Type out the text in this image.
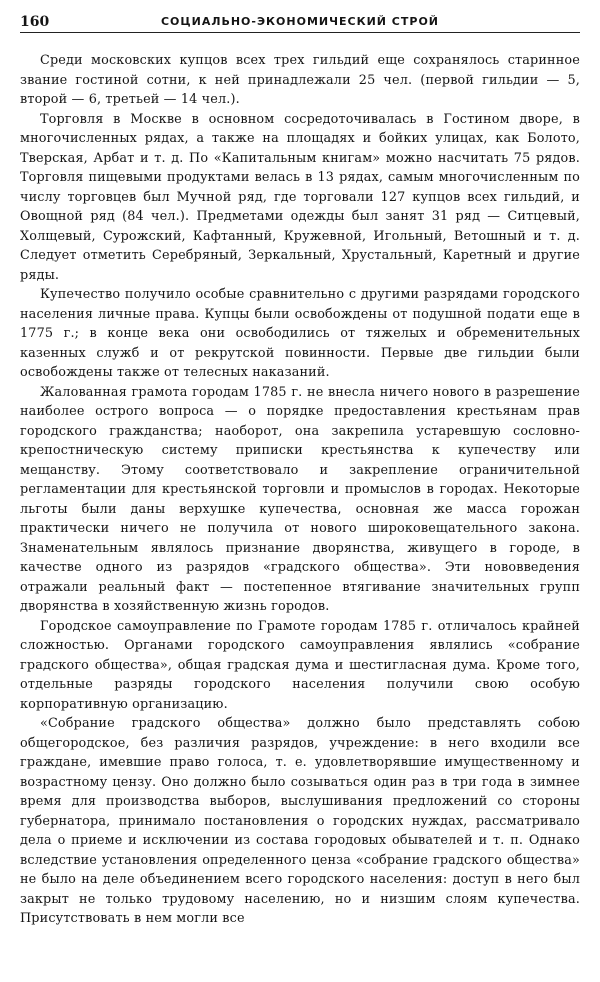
160	СОЦИАЛЬНО-ЭКОНОМИЧЕСКИЙ СТРОЙ

Среди московских купцов всех трех гильдий еще сохранялось старинное звание гостиной сотни, к ней принадлежали 25 чел. (первой гильдии — 5, второй — 6, третьей — 14 чел.).

Торговля в Москве в основном сосредоточивалась в Гостином дворе, в многочисленных рядах, а также на площадях и бойких улицах, как Болото, Тверская, Арбат и т. д. По «Капитальным книгам» можно насчитать 75 рядов. Торговля пищевыми продуктами велась в 13 рядах, самым многочисленным по числу торговцев был Мучной ряд, где торговали 127 купцов всех гильдий, и Овощной ряд (84 чел.). Предметами одежды был занят 31 ряд — Ситцевый, Холщевый, Сурожский, Кафтанный, Кружевной, Игольный, Ветошный и т. д. Следует отметить Серебряный, Зеркальный, Хрустальный, Каретный и другие ряды.

Купечество получило особые сравнительно с другими разрядами городского населения личные права. Купцы были освобождены от подушной подати еще в 1775 г.; в конце века они освободились от тяжелых и обременительных казенных служб и от рекрутской повинности. Первые две гильдии были освобождены также от телесных наказаний.

Жалованная грамота городам 1785 г. не внесла ничего нового в разрешение наиболее острого вопроса — о порядке предоставления крестьянам прав городского гражданства; наоборот, она закрепила устаревшую сословно-крепостническую систему приписки крестьянства к купечеству или мещанству. Этому соответствовало и закрепление ограничительной регламентации для крестьянской торговли и промыслов в городах. Некоторые льготы были даны верхушке купечества, основная же масса горожан практически ничего не получила от нового широковещательного закона. Знаменательным являлось признание дворянства, живущего в городе, в качестве одного из разрядов «градского общества». Эти нововведения отражали реальный факт — постепенное втягивание значительных групп дворянства в хозяйственную жизнь городов.

Городское самоуправление по Грамоте городам 1785 г. отличалось крайней сложностью. Органами городского самоуправления являлись «собрание градского общества», общая градская дума и шестигласная дума. Кроме того, отдельные разряды городского населения получили свою особую корпоративную организацию.

«Собрание градского общества» должно было представлять собою общегородское, без различия разрядов, учреждение: в него входили все граждане, имевшие право голоса, т. е. удовлетворявшие имущественному и возрастному цензу. Оно должно было созываться один раз в три года в зимнее время для производства выборов, выслушивания предложений со стороны губернатора, принимало постановления о городских нуждах, рассматривало дела о приеме и исключении из состава городовых обывателей и т. п. Однако вследствие установления определенного ценза «собрание градского общества» не было на деле объединением всего городского населения: доступ в него был закрыт не только трудовому населению, но и низшим слоям купечества. Присутствовать в нем могли все
